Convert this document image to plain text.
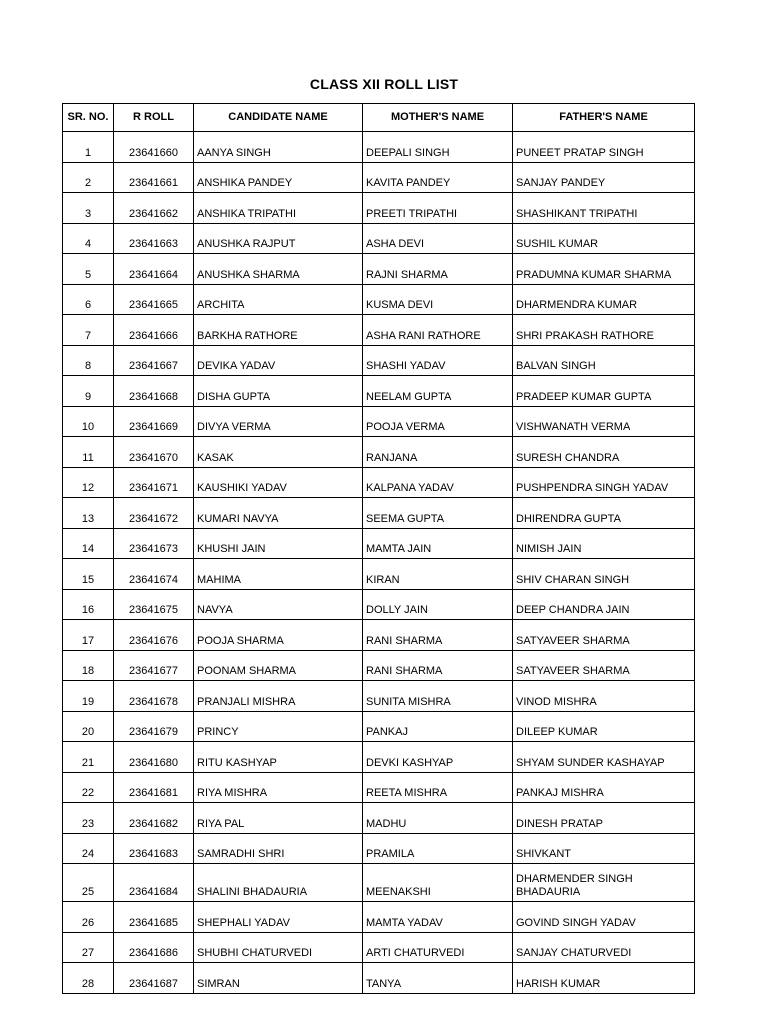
CLASS XII ROLL LIST
SR. NO.	R ROLL	CANDIDATE NAME	MOTHER'S NAME	FATHER'S NAME
1	23641660	AANYA SINGH	DEEPALI SINGH	PUNEET PRATAP SINGH
2	23641661	ANSHIKA PANDEY	KAVITA PANDEY	SANJAY PANDEY
3	23641662	ANSHIKA TRIPATHI	PREETI TRIPATHI	SHASHIKANT TRIPATHI
4	23641663	ANUSHKA RAJPUT	ASHA DEVI	SUSHIL KUMAR
5	23641664	ANUSHKA SHARMA	RAJNI SHARMA	PRADUMNA KUMAR SHARMA
6	23641665	ARCHITA	KUSMA DEVI	DHARMENDRA KUMAR
7	23641666	BARKHA RATHORE	ASHA RANI RATHORE	SHRI PRAKASH RATHORE
8	23641667	DEVIKA YADAV	SHASHI YADAV	BALVAN SINGH
9	23641668	DISHA GUPTA	NEELAM GUPTA	PRADEEP KUMAR GUPTA
10	23641669	DIVYA VERMA	POOJA VERMA	VISHWANATH VERMA
11	23641670	KASAK	RANJANA	SURESH CHANDRA
12	23641671	KAUSHIKI YADAV	KALPANA YADAV	PUSHPENDRA SINGH YADAV
13	23641672	KUMARI NAVYA	SEEMA GUPTA	DHIRENDRA GUPTA
14	23641673	KHUSHI JAIN	MAMTA JAIN	NIMISH JAIN
15	23641674	MAHIMA	KIRAN	SHIV CHARAN SINGH
16	23641675	NAVYA	DOLLY JAIN	DEEP CHANDRA JAIN
17	23641676	POOJA SHARMA	RANI SHARMA	SATYAVEER SHARMA
18	23641677	POONAM SHARMA	RANI SHARMA	SATYAVEER SHARMA
19	23641678	PRANJALI MISHRA	SUNITA MISHRA	VINOD MISHRA
20	23641679	PRINCY	PANKAJ	DILEEP KUMAR
21	23641680	RITU KASHYAP	DEVKI KASHYAP	SHYAM SUNDER KASHAYAP
22	23641681	RIYA MISHRA	REETA MISHRA	PANKAJ MISHRA
23	23641682	RIYA PAL	MADHU	DINESH PRATAP
24	23641683	SAMRADHI SHRI	PRAMILA	SHIVKANT
25	23641684	SHALINI BHADAURIA	MEENAKSHI	DHARMENDER SINGH BHADAURIA
26	23641685	SHEPHALI YADAV	MAMTA YADAV	GOVIND SINGH YADAV
27	23641686	SHUBHI CHATURVEDI	ARTI CHATURVEDI	SANJAY CHATURVEDI
28	23641687	SIMRAN	TANYA	HARISH KUMAR
